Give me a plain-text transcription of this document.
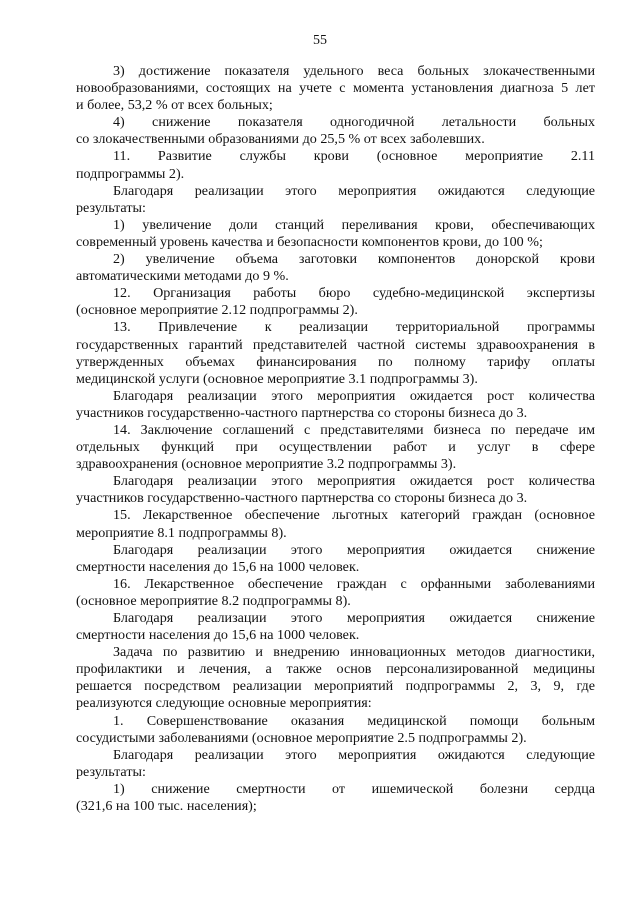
55
3) достижение показателя удельного веса больных злокачественными
новообразованиями, состоящих на учете с момента установления диагноза 5 лет
и более, 53,2 % от всех больных;
4) снижение показателя одногодичной летальности больных
со злокачественными образованиями до 25,5 % от всех заболевших.
11. Развитие службы крови (основное мероприятие 2.11
подпрограммы 2).
Благодаря реализации этого мероприятия ожидаются следующие
результаты:
1) увеличение доли станций переливания крови, обеспечивающих
современный уровень качества и безопасности компонентов крови, до 100 %;
2) увеличение объема заготовки компонентов донорской крови
автоматическими методами до 9 %.
12. Организация работы бюро судебно-медицинской экспертизы
(основное мероприятие 2.12 подпрограммы 2).
13. Привлечение к реализации территориальной программы
государственных гарантий представителей частной системы здравоохранения в
утвержденных объемах финансирования по полному тарифу оплаты
медицинской услуги (основное мероприятие 3.1 подпрограммы 3).
Благодаря реализации этого мероприятия ожидается рост количества
участников государственно-частного партнерства со стороны бизнеса до 3.
14. Заключение соглашений с представителями бизнеса по передаче им
отдельных функций при осуществлении работ и услуг в сфере
здравоохранения (основное мероприятие 3.2 подпрограммы 3).
Благодаря реализации этого мероприятия ожидается рост количества
участников государственно-частного партнерства со стороны бизнеса до 3.
15. Лекарственное обеспечение льготных категорий граждан (основное
мероприятие 8.1 подпрограммы 8).
Благодаря реализации этого мероприятия ожидается снижение
смертности населения до 15,6 на 1000 человек.
16. Лекарственное обеспечение граждан с орфанными заболеваниями
(основное мероприятие 8.2 подпрограммы 8).
Благодаря реализации этого мероприятия ожидается снижение
смертности населения до 15,6 на 1000 человек.
Задача по развитию и внедрению инновационных методов диагностики,
профилактики и лечения, а также основ персонализированной медицины
решается посредством реализации мероприятий подпрограммы 2, 3, 9, где
реализуются следующие основные мероприятия:
1. Совершенствование оказания медицинской помощи больным
сосудистыми заболеваниями (основное мероприятие 2.5 подпрограммы 2).
Благодаря реализации этого мероприятия ожидаются следующие
результаты:
1) снижение смертности от ишемической болезни сердца
(321,6 на 100 тыс. населения);
